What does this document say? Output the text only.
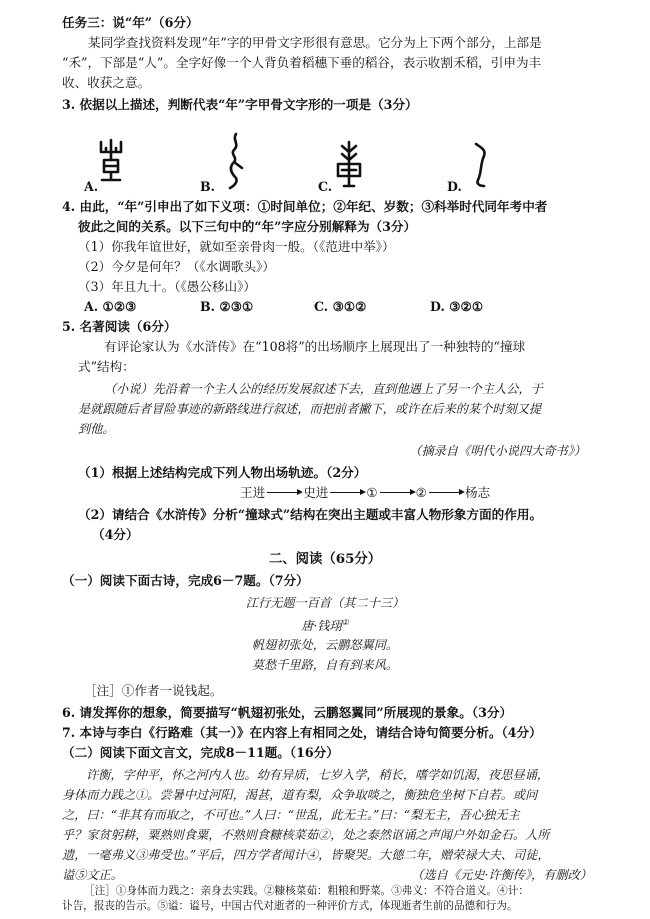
任务三：说“年”（6分）
某同学查找资料发现“年”字的甲骨文字形很有意思。它分为上下两个部分，上部是
“禾”，下部是“人”。全字好像一个人背负着稻穗下垂的稻谷，表示收割禾稻，引申为丰
收、收获之意。
3. 依据以上描述，判断代表“年”字甲骨文字形的一项是（3分）
A.	B.	C.	D.
4. 由此，“年”引申出了如下义项：①时间单位；②年纪、岁数；③科举时代同年考中者
彼此之间的关系。以下三句中的“年”字应分别解释为（3分）
（1）你我年谊世好，就如至亲骨肉一般。（《范进中举》）
（2）今夕是何年？（《水调歌头》）
（3）年且九十。（《愚公移山》）
A. ①②③	B. ②③①	C. ③①②	D. ③②①
5. 名著阅读（6分）
有评论家认为《水浒传》在“108将”的出场顺序上展现出了一种独特的“撞球
式”结构：
（小说）先沿着一个主人公的经历发展叙述下去，直到他遇上了另一个主人公，于
是就跟随后者冒险事迹的新路线进行叙述，而把前者撇下，或许在后来的某个时刻又提
到他。
（摘录自《明代小说四大奇书》）
（1）根据上述结构完成下列人物出场轨迹。（2分）
王进	史进	①	②	杨志
（2）请结合《水浒传》分析“撞球式”结构在突出主题或丰富人物形象方面的作用。
（4分）
二、阅读（65分）
（一）阅读下面古诗，完成6－7题。（7分）
江行无题一百首（其二十三）
唐·钱珝①
帆翅初张处，云鹏怒翼同。
莫愁千里路，自有到来风。
［注］①作者一说钱起。
6. 请发挥你的想象，简要描写“帆翅初张处，云鹏怒翼同”所展现的景象。（3分）
7. 本诗与李白《行路难（其一）》在内容上有相同之处，请结合诗句简要分析。（4分）
（二）阅读下面文言文，完成8－11题。（16分）
许衡，字仲平，怀之河内人也。幼有异质，七岁入学，稍长，嗜学如饥渴，夜思昼诵，
身体而力践之①。尝暑中过河阳，渴甚，道有梨，众争取啖之，衡独危坐树下自若。或问
之，曰：“非其有而取之，不可也。”人曰：“世乱，此无主。”曰：“梨无主，吾心独无主
乎？家贫躬耕，粟熟则食粟，不熟则食糠核菜茹②，处之泰然讴诵之声闻户外如金石。人所
遗，一毫弗义③弗受也。”平后，四方学者闻计④，皆聚哭。大德二年，赠荣禄大夫、司徒，
谥⑤文正。	（选自《元史·许衡传》，有删改）
［注］①身体而力践之：亲身去实践。②糠核菜茹：粗粮和野菜。③弗义：不符合道义。④计：
讣告，报丧的告示。⑤谥：谥号，中国古代对逝者的一种评价方式，体现逝者生前的品德和行为。
